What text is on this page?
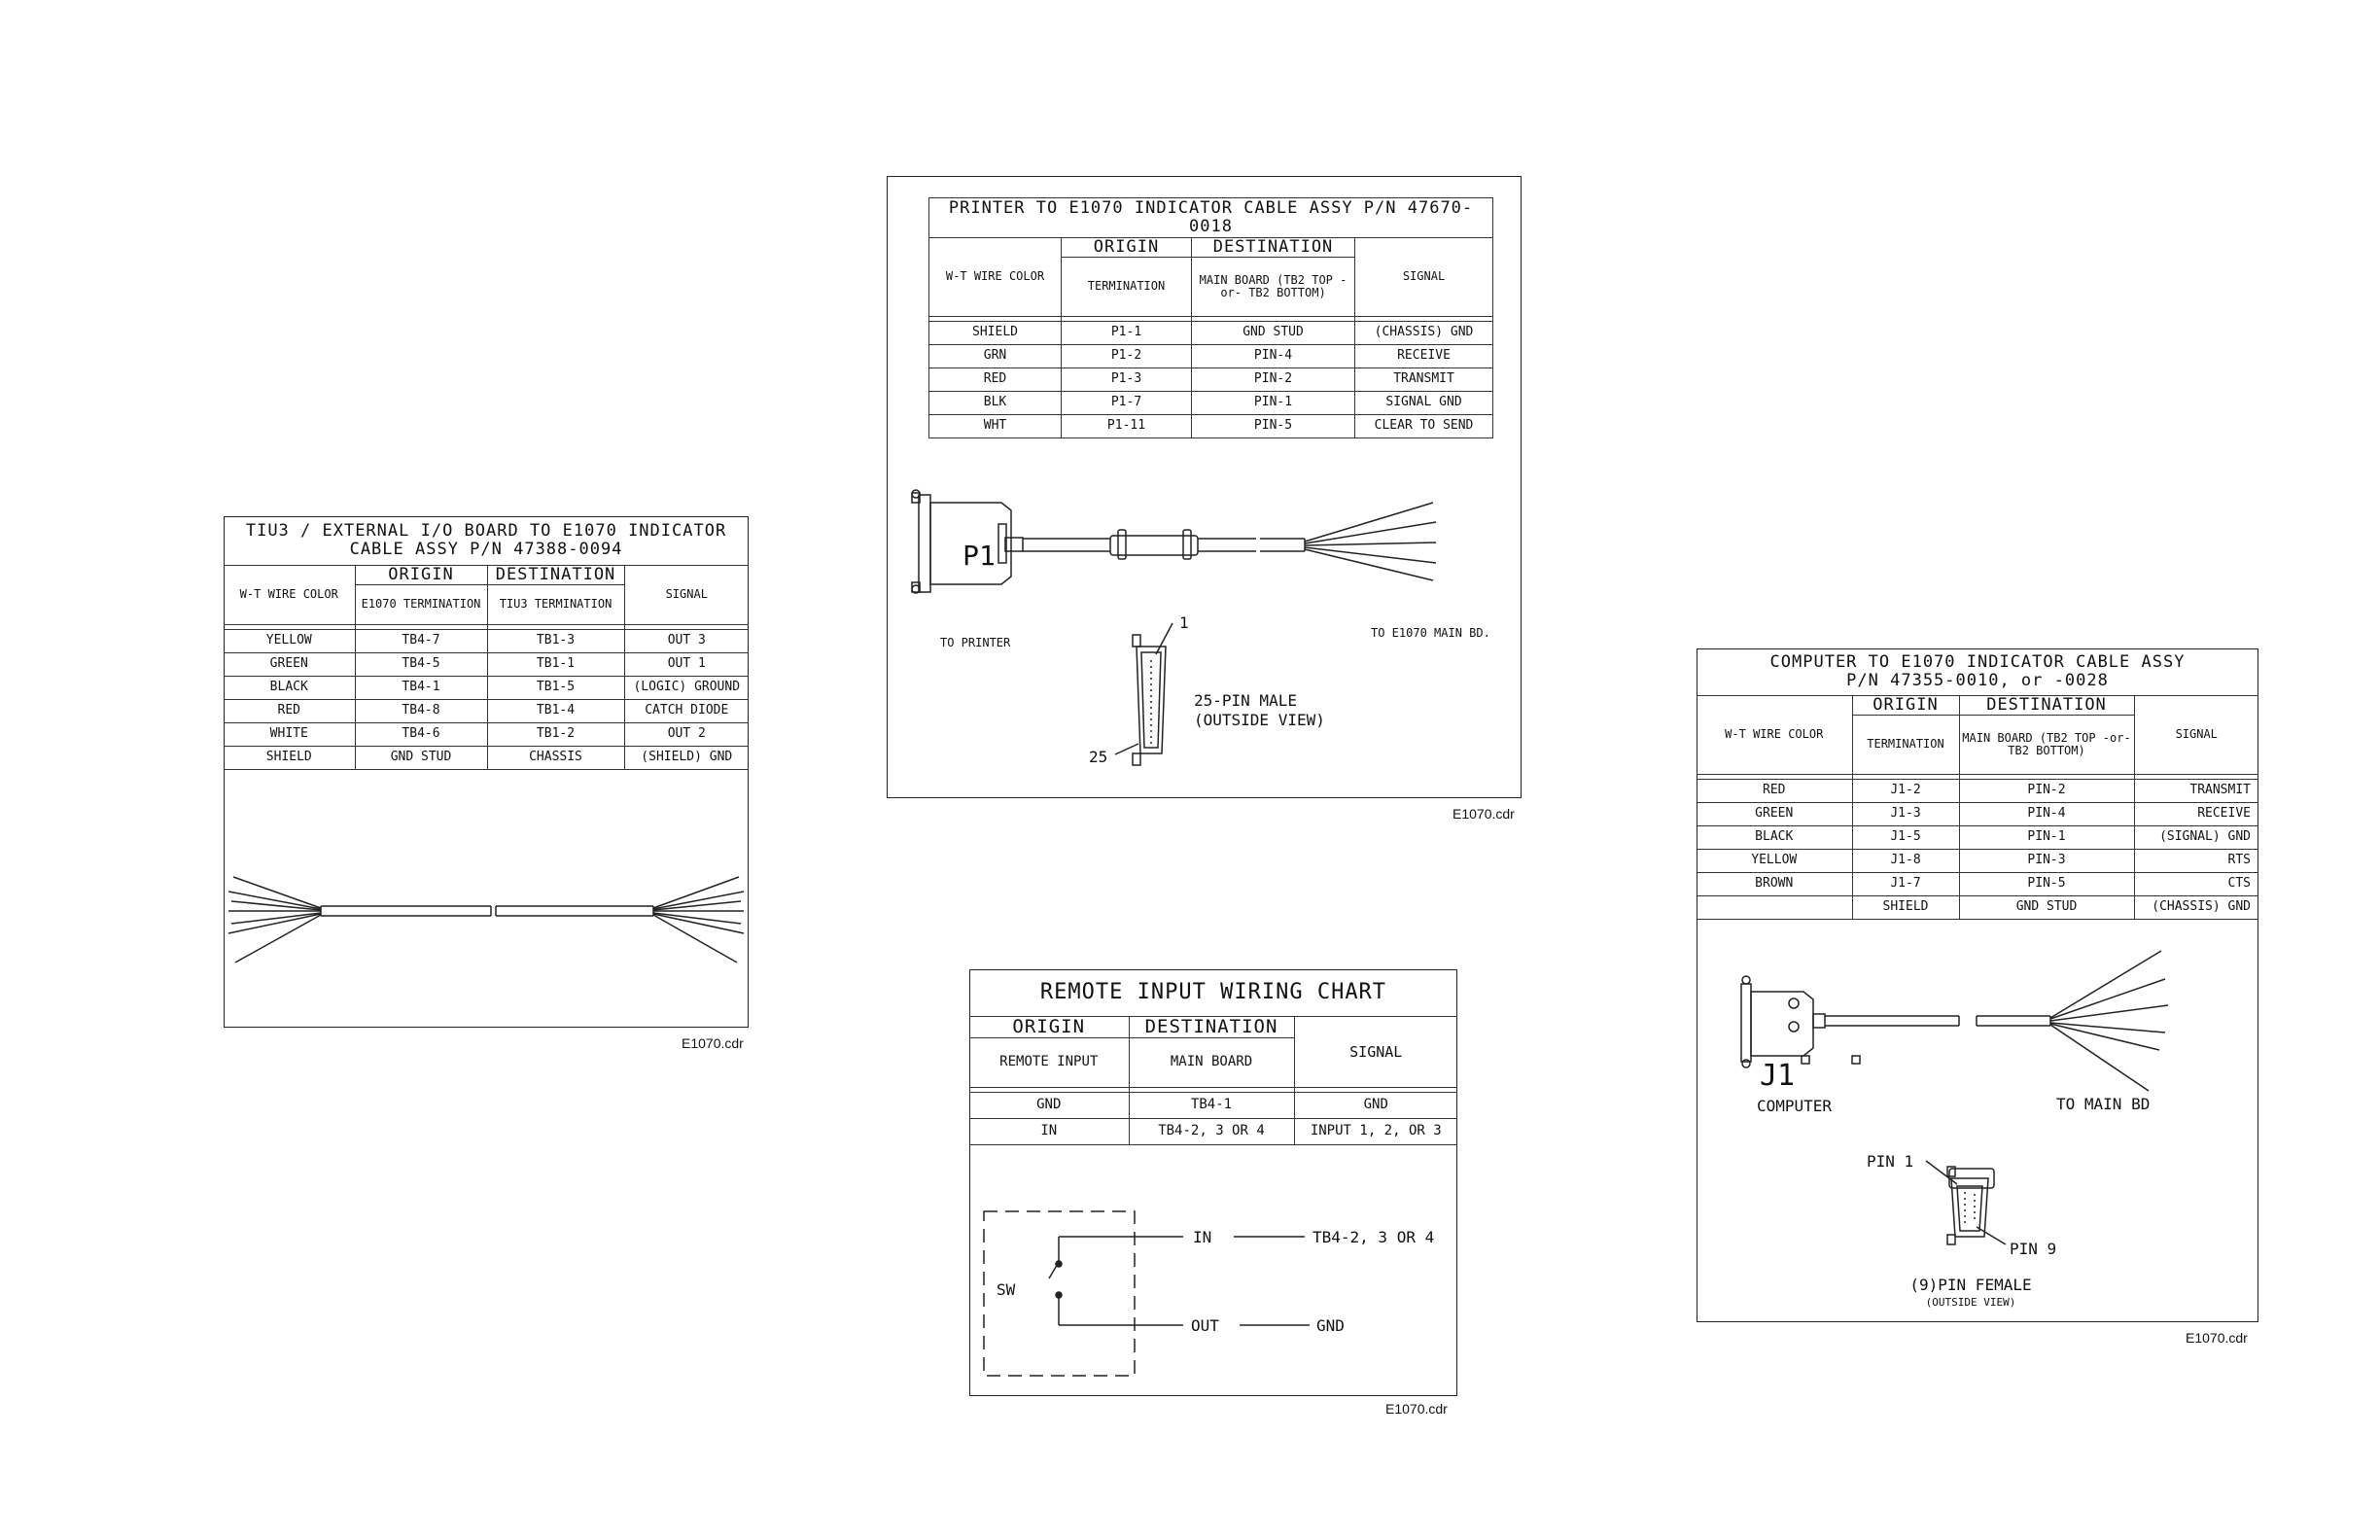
PRINTER TO E1070 INDICATOR CABLE ASSY P/N 47670-0018			
W-T WIRE COLOR	ORIGIN	DESTINATION	SIGNAL
	TERMINATION	MAIN BOARD (TB2 TOP -or- TB2 BOTTOM)	

SHIELD	P1-1	GND STUD	(CHASSIS) GND
GRN	P1-2	PIN-4	RECEIVE
RED	P1-3	PIN-2	TRANSMIT
BLK	P1-7	PIN-1	SIGNAL GND
WHT	P1-11	PIN-5	CLEAR TO SEND
P1
TO PRINTER
TO E1070 MAIN BD.
1
25
25-PIN MALE
(OUTSIDE VIEW)
E1070.cdr
TIU3 / EXTERNAL I/O BOARD TO E1070 INDICATOR
CABLE ASSY P/N 47388-0094			
W-T WIRE COLOR	ORIGIN	DESTINATION	SIGNAL
	E1070 TERMINATION	TIU3 TERMINATION	

YELLOW	TB4-7	TB1-3	OUT 3
GREEN	TB4-5	TB1-1	OUT 1
BLACK	TB4-1	TB1-5	(LOGIC) GROUND
RED	TB4-8	TB1-4	CATCH DIODE
WHITE	TB4-6	TB1-2	OUT 2
SHIELD	GND STUD	CHASSIS	(SHIELD) GND
E1070.cdr
REMOTE INPUT WIRING CHART		
ORIGIN	DESTINATION	SIGNAL
REMOTE INPUT	MAIN BOARD	

GND	TB4-1	GND
IN	TB4-2, 3 OR 4	INPUT 1, 2, OR 3
SW
IN
OUT
TB4-2, 3 OR 4
GND
E1070.cdr
COMPUTER TO E1070 INDICATOR CABLE ASSY
P/N 47355-0010, or -0028			
W-T WIRE COLOR	ORIGIN	DESTINATION	SIGNAL
	TERMINATION	MAIN BOARD (TB2 TOP -or- TB2 BOTTOM)	

RED	J1-2	PIN-2	TRANSMIT
GREEN	J1-3	PIN-4	RECEIVE
BLACK	J1-5	PIN-1	(SIGNAL) GND
YELLOW	J1-8	PIN-3	RTS
BROWN	J1-7	PIN-5	CTS
	SHIELD	GND STUD	(CHASSIS) GND
J1
COMPUTER	TO MAIN BD
PIN 1
PIN 9
(9)PIN FEMALE
(OUTSIDE VIEW)
E1070.cdr
